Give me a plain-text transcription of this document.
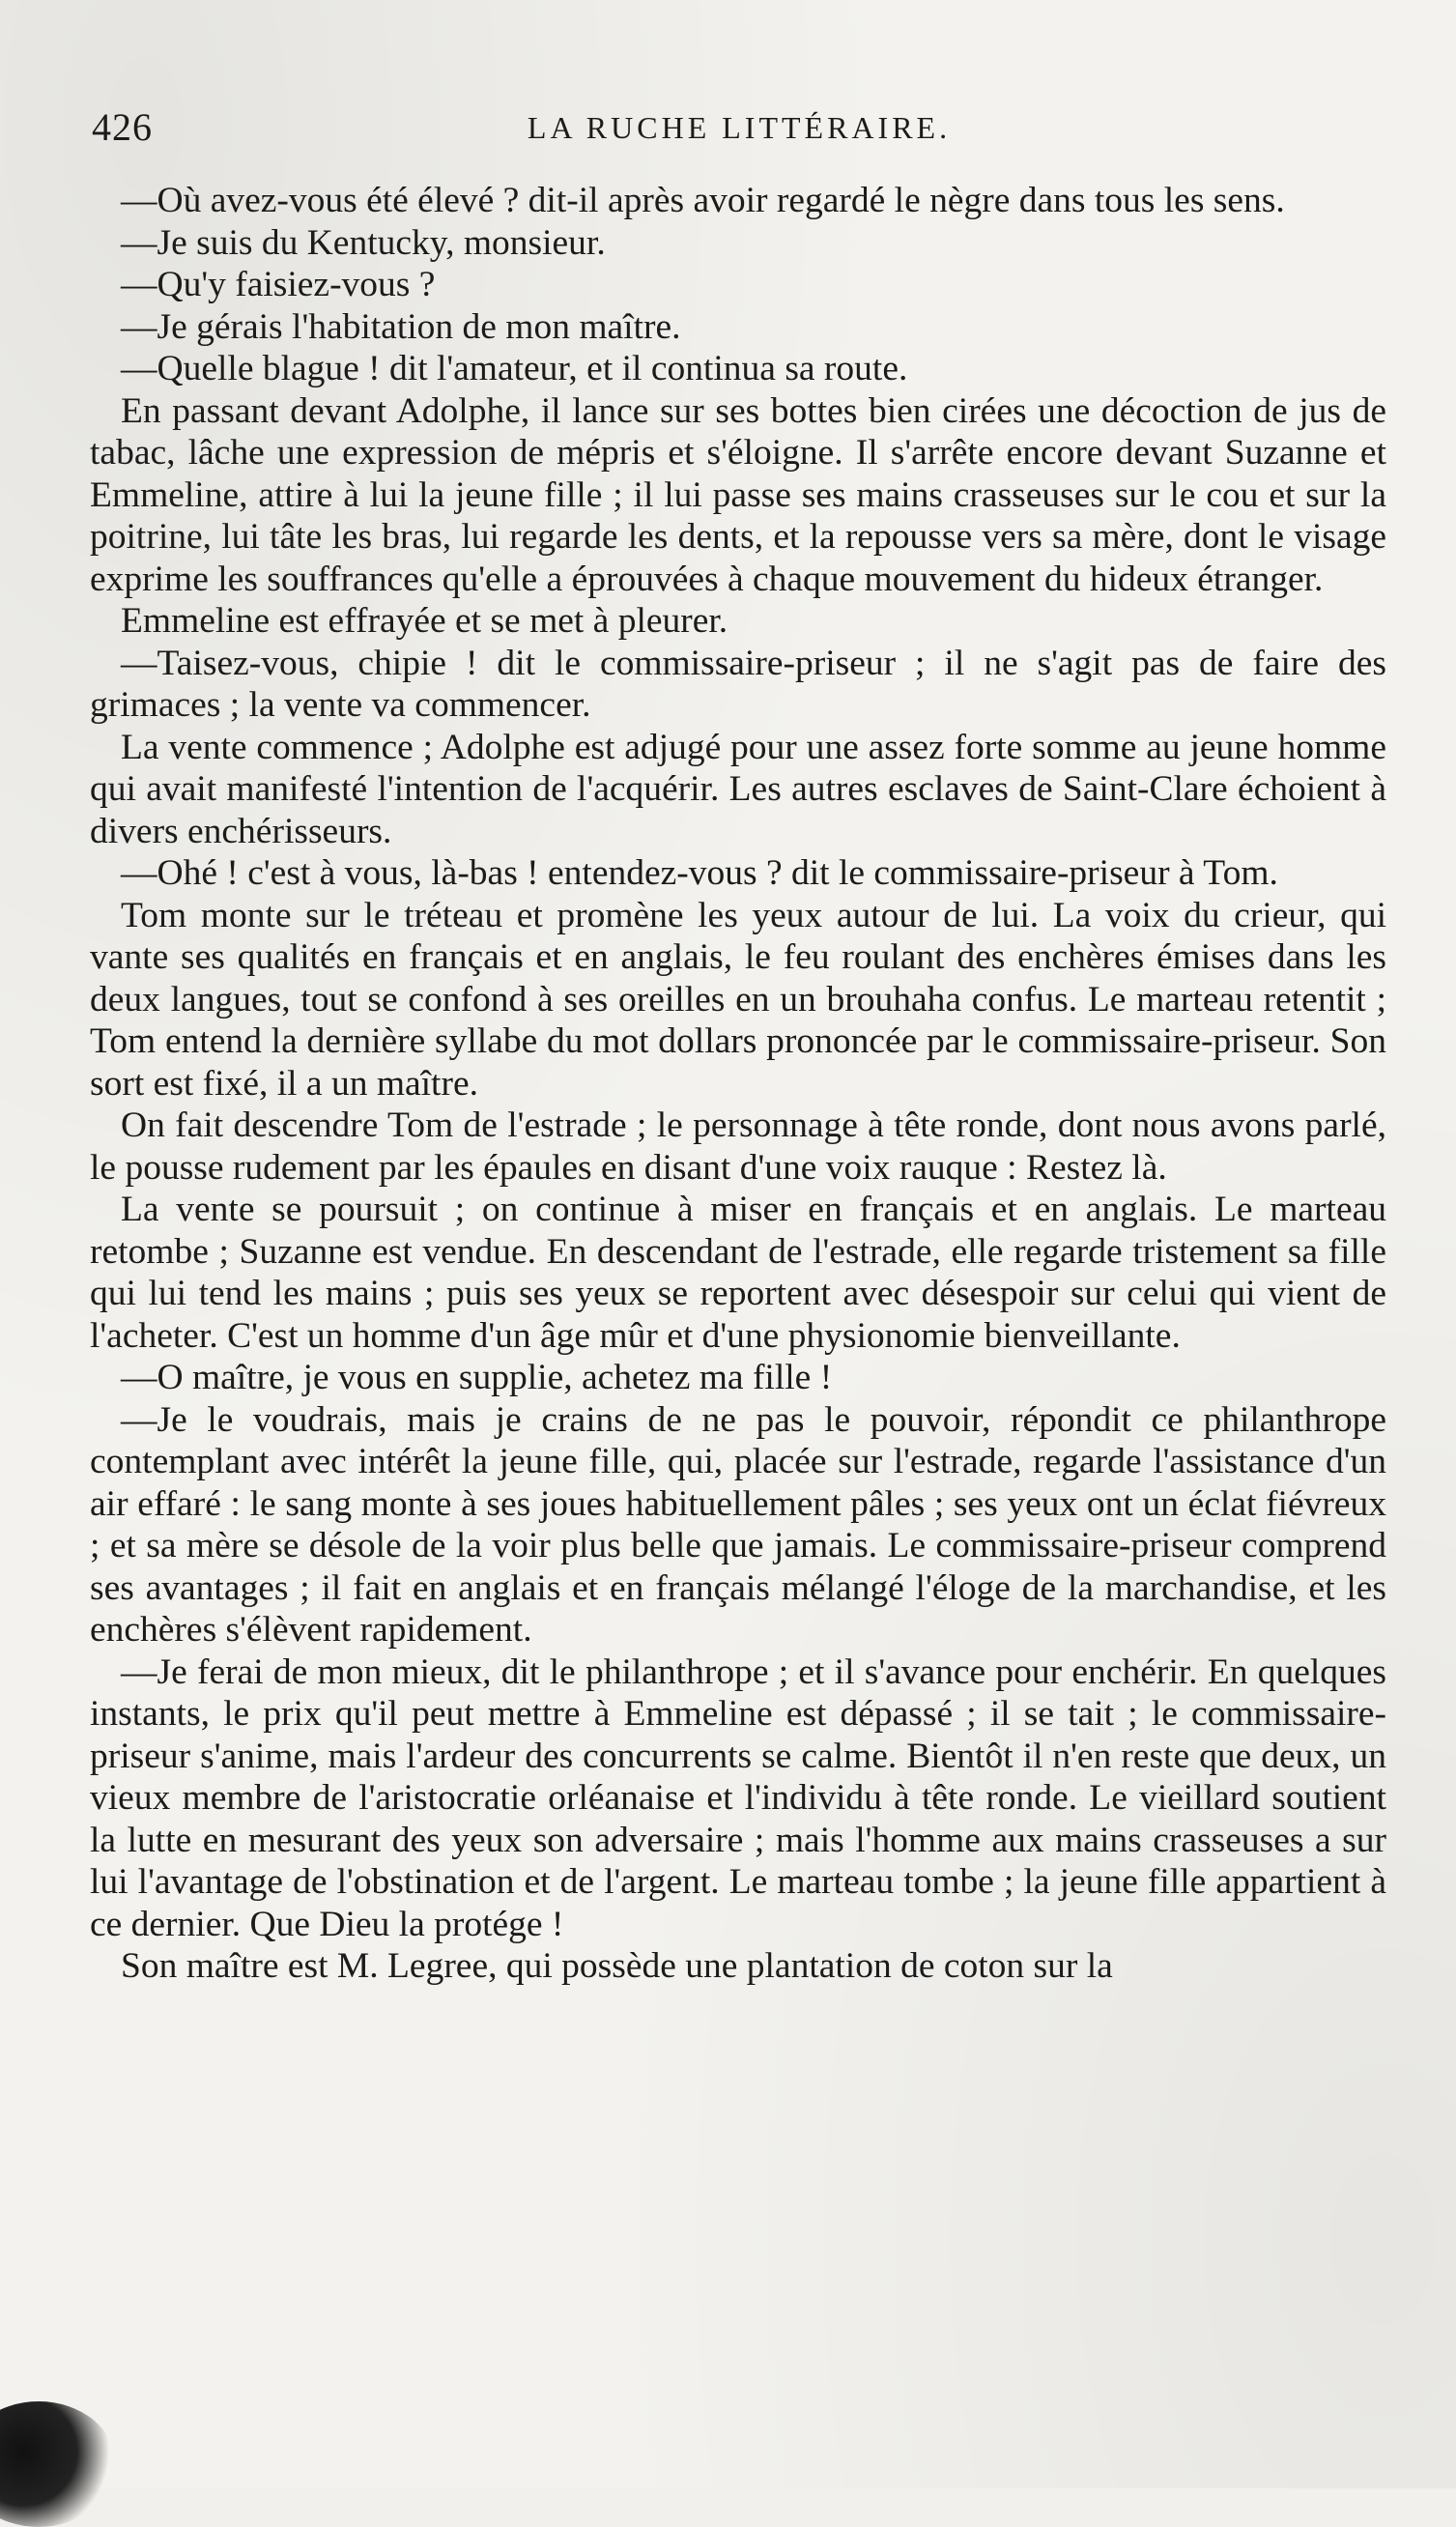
426	LA RUCHE LITTÉRAIRE.

—Où avez-vous été élevé ? dit-il après avoir regardé le nègre dans tous les sens.

—Je suis du Kentucky, monsieur.

—Qu'y faisiez-vous ?

—Je gérais l'habitation de mon maître.

—Quelle blague ! dit l'amateur, et il continua sa route.

En passant devant Adolphe, il lance sur ses bottes bien cirées une décoction de jus de tabac, lâche une expression de mépris et s'éloigne. Il s'arrête encore devant Suzanne et Emmeline, attire à lui la jeune fille ; il lui passe ses mains crasseuses sur le cou et sur la poitrine, lui tâte les bras, lui regarde les dents, et la repousse vers sa mère, dont le visage exprime les souffrances qu'elle a éprouvées à chaque mouvement du hideux étranger.

Emmeline est effrayée et se met à pleurer.

—Taisez-vous, chipie ! dit le commissaire-priseur ; il ne s'agit pas de faire des grimaces ; la vente va commencer.

La vente commence ; Adolphe est adjugé pour une assez forte somme au jeune homme qui avait manifesté l'intention de l'acquérir. Les autres esclaves de Saint-Clare échoient à divers enchérisseurs.

—Ohé ! c'est à vous, là-bas ! entendez-vous ? dit le commissaire-priseur à Tom.

Tom monte sur le tréteau et promène les yeux autour de lui. La voix du crieur, qui vante ses qualités en français et en anglais, le feu roulant des enchères émises dans les deux langues, tout se confond à ses oreilles en un brouhaha confus. Le marteau retentit ; Tom entend la dernière syllabe du mot dollars prononcée par le commissaire-priseur. Son sort est fixé, il a un maître.

On fait descendre Tom de l'estrade ; le personnage à tête ronde, dont nous avons parlé, le pousse rudement par les épaules en disant d'une voix rauque : Restez là.

La vente se poursuit ; on continue à miser en français et en anglais. Le marteau retombe ; Suzanne est vendue. En descendant de l'estrade, elle regarde tristement sa fille qui lui tend les mains ; puis ses yeux se reportent avec désespoir sur celui qui vient de l'acheter. C'est un homme d'un âge mûr et d'une physionomie bienveillante.

—O maître, je vous en supplie, achetez ma fille !

—Je le voudrais, mais je crains de ne pas le pouvoir, répondit ce philanthrope contemplant avec intérêt la jeune fille, qui, placée sur l'estrade, regarde l'assistance d'un air effaré : le sang monte à ses joues habituellement pâles ; ses yeux ont un éclat fiévreux ; et sa mère se désole de la voir plus belle que jamais. Le commissaire-priseur comprend ses avantages ; il fait en anglais et en français mélangé l'éloge de la marchandise, et les enchères s'élèvent rapidement.

—Je ferai de mon mieux, dit le philanthrope ; et il s'avance pour enchérir. En quelques instants, le prix qu'il peut mettre à Emmeline est dépassé ; il se tait ; le commissaire-priseur s'anime, mais l'ardeur des concurrents se calme. Bientôt il n'en reste que deux, un vieux membre de l'aristocratie orléanaise et l'individu à tête ronde. Le vieillard soutient la lutte en mesurant des yeux son adversaire ; mais l'homme aux mains crasseuses a sur lui l'avantage de l'obstination et de l'argent. Le marteau tombe ; la jeune fille appartient à ce dernier. Que Dieu la protége !

Son maître est M. Legree, qui possède une plantation de coton sur la
